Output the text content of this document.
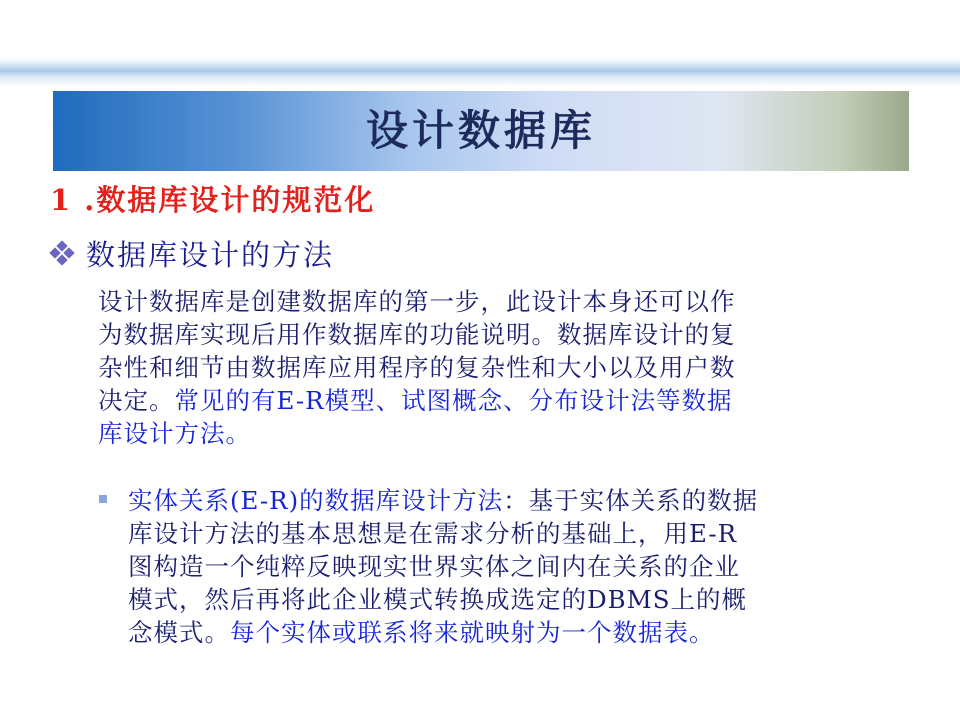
设计数据库
1 .数据库设计的规范化
数据库设计的方法
设计数据库是创建数据库的第一步，此设计本身还可以作
为数据库实现后用作数据库的功能说明。数据库设计的复
杂性和细节由数据库应用程序的复杂性和大小以及用户数
决定。常见的有E-R模型、试图概念、分布设计法等数据
库设计方法。
实体关系(E-R)的数据库设计方法：基于实体关系的数据
库设计方法的基本思想是在需求分析的基础上，用E-R
图构造一个纯粹反映现实世界实体之间内在关系的企业
模式，然后再将此企业模式转换成选定的DBMS上的概
念模式。每个实体或联系将来就映射为一个数据表。
